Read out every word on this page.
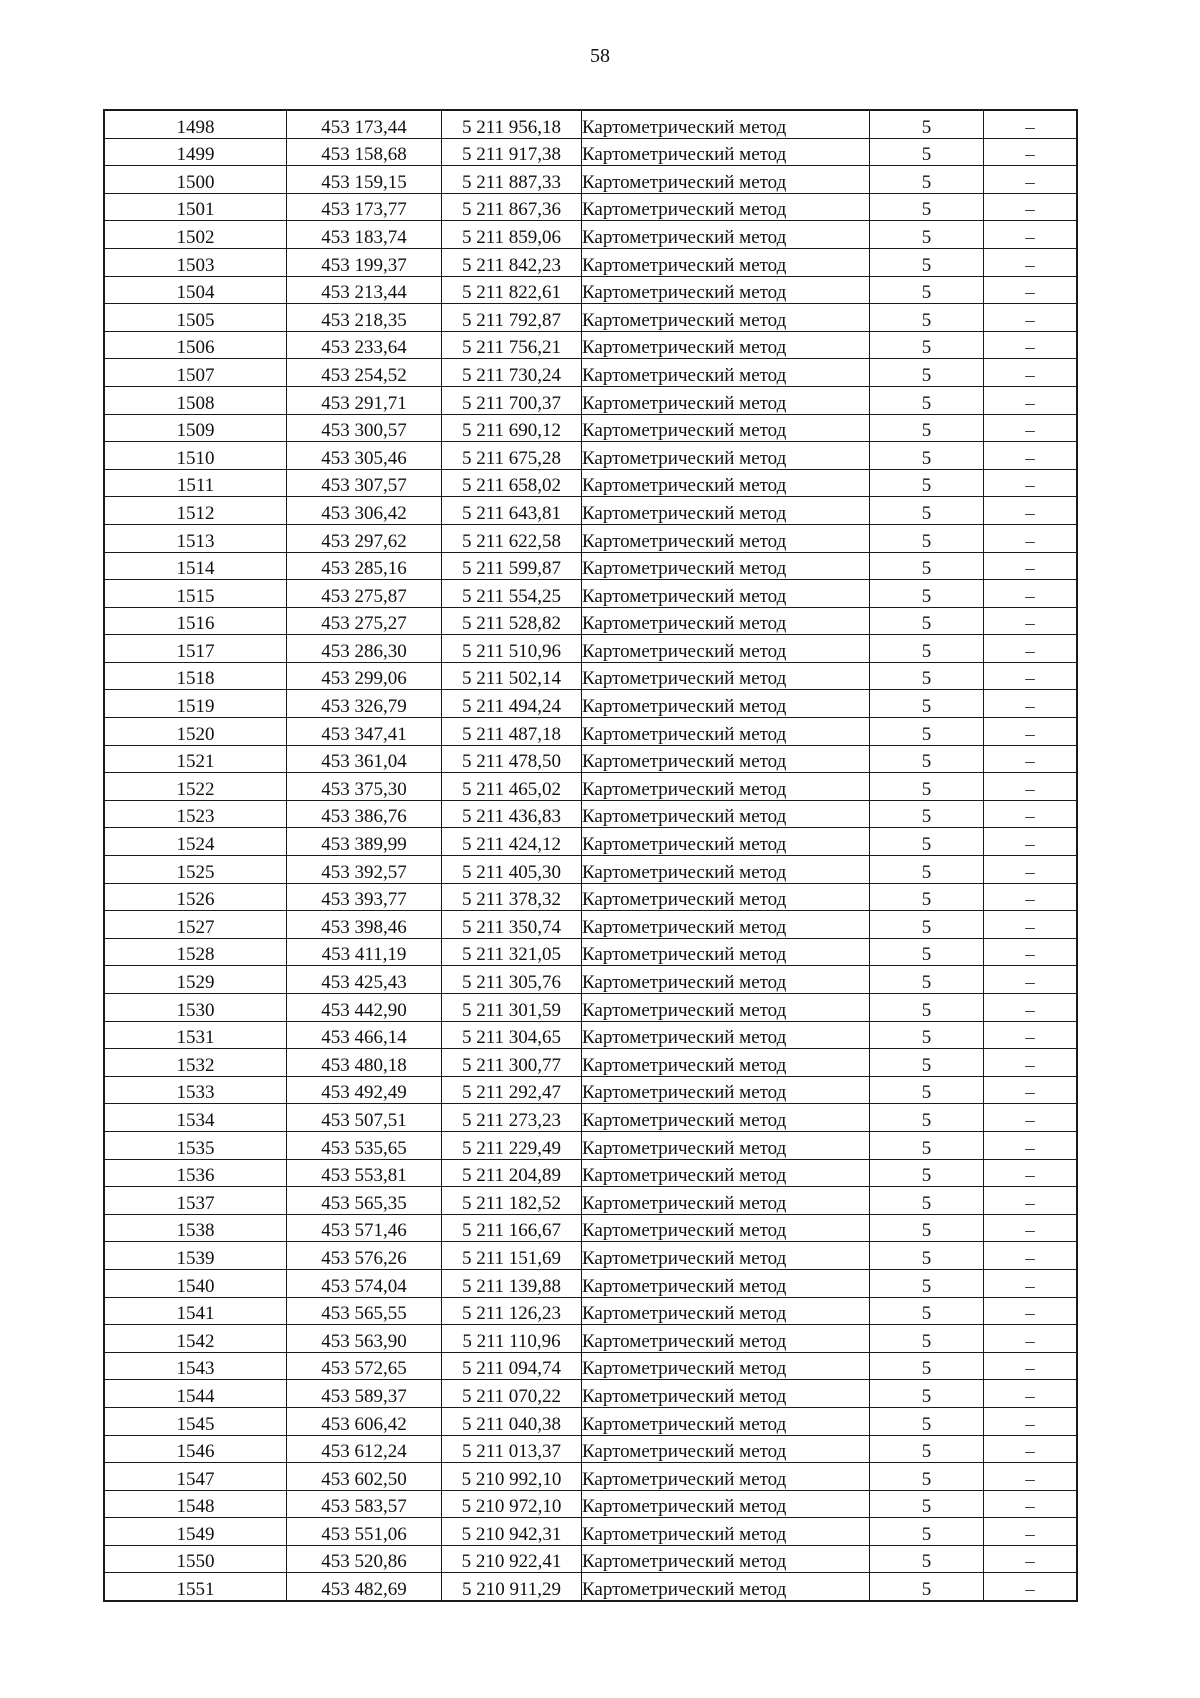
58
1498	453 173,44	5 211 956,18	Картометрический метод	5	–
1499	453 158,68	5 211 917,38	Картометрический метод	5	–
1500	453 159,15	5 211 887,33	Картометрический метод	5	–
1501	453 173,77	5 211 867,36	Картометрический метод	5	–
1502	453 183,74	5 211 859,06	Картометрический метод	5	–
1503	453 199,37	5 211 842,23	Картометрический метод	5	–
1504	453 213,44	5 211 822,61	Картометрический метод	5	–
1505	453 218,35	5 211 792,87	Картометрический метод	5	–
1506	453 233,64	5 211 756,21	Картометрический метод	5	–
1507	453 254,52	5 211 730,24	Картометрический метод	5	–
1508	453 291,71	5 211 700,37	Картометрический метод	5	–
1509	453 300,57	5 211 690,12	Картометрический метод	5	–
1510	453 305,46	5 211 675,28	Картометрический метод	5	–
1511	453 307,57	5 211 658,02	Картометрический метод	5	–
1512	453 306,42	5 211 643,81	Картометрический метод	5	–
1513	453 297,62	5 211 622,58	Картометрический метод	5	–
1514	453 285,16	5 211 599,87	Картометрический метод	5	–
1515	453 275,87	5 211 554,25	Картометрический метод	5	–
1516	453 275,27	5 211 528,82	Картометрический метод	5	–
1517	453 286,30	5 211 510,96	Картометрический метод	5	–
1518	453 299,06	5 211 502,14	Картометрический метод	5	–
1519	453 326,79	5 211 494,24	Картометрический метод	5	–
1520	453 347,41	5 211 487,18	Картометрический метод	5	–
1521	453 361,04	5 211 478,50	Картометрический метод	5	–
1522	453 375,30	5 211 465,02	Картометрический метод	5	–
1523	453 386,76	5 211 436,83	Картометрический метод	5	–
1524	453 389,99	5 211 424,12	Картометрический метод	5	–
1525	453 392,57	5 211 405,30	Картометрический метод	5	–
1526	453 393,77	5 211 378,32	Картометрический метод	5	–
1527	453 398,46	5 211 350,74	Картометрический метод	5	–
1528	453 411,19	5 211 321,05	Картометрический метод	5	–
1529	453 425,43	5 211 305,76	Картометрический метод	5	–
1530	453 442,90	5 211 301,59	Картометрический метод	5	–
1531	453 466,14	5 211 304,65	Картометрический метод	5	–
1532	453 480,18	5 211 300,77	Картометрический метод	5	–
1533	453 492,49	5 211 292,47	Картометрический метод	5	–
1534	453 507,51	5 211 273,23	Картометрический метод	5	–
1535	453 535,65	5 211 229,49	Картометрический метод	5	–
1536	453 553,81	5 211 204,89	Картометрический метод	5	–
1537	453 565,35	5 211 182,52	Картометрический метод	5	–
1538	453 571,46	5 211 166,67	Картометрический метод	5	–
1539	453 576,26	5 211 151,69	Картометрический метод	5	–
1540	453 574,04	5 211 139,88	Картометрический метод	5	–
1541	453 565,55	5 211 126,23	Картометрический метод	5	–
1542	453 563,90	5 211 110,96	Картометрический метод	5	–
1543	453 572,65	5 211 094,74	Картометрический метод	5	–
1544	453 589,37	5 211 070,22	Картометрический метод	5	–
1545	453 606,42	5 211 040,38	Картометрический метод	5	–
1546	453 612,24	5 211 013,37	Картометрический метод	5	–
1547	453 602,50	5 210 992,10	Картометрический метод	5	–
1548	453 583,57	5 210 972,10	Картометрический метод	5	–
1549	453 551,06	5 210 942,31	Картометрический метод	5	–
1550	453 520,86	5 210 922,41	Картометрический метод	5	–
1551	453 482,69	5 210 911,29	Картометрический метод	5	–
